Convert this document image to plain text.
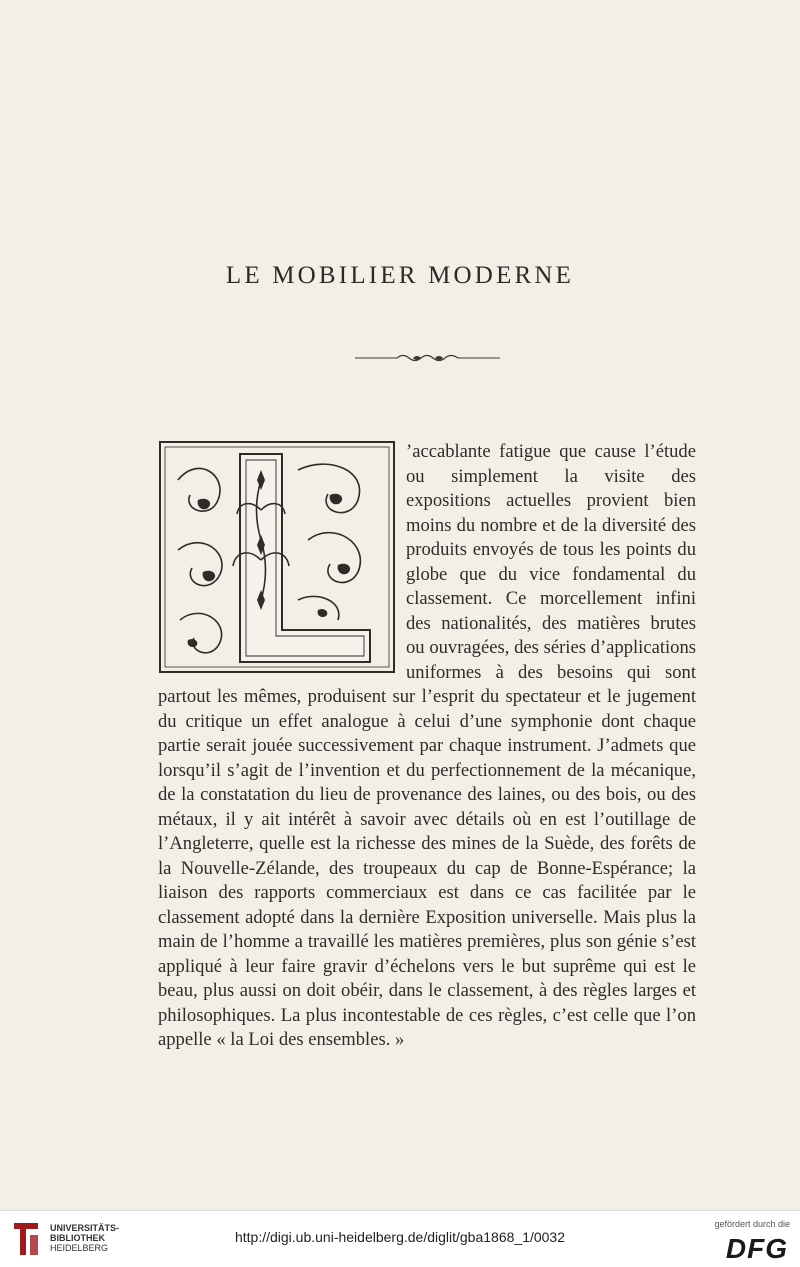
LE MOBILIER MODERNE
’accablante fatigue que cause l’étude ou simplement la visite des expositions actuelles provient bien moins du nombre et de la diversité des produits envoyés de tous les points du globe que du vice fondamental du classement. Ce morcellement infini des nationalités, des matières brutes ou ouvragées, des séries d’applications uniformes à des besoins qui sont partout les mêmes, produisent sur l’esprit du spectateur et le jugement du critique un effet analogue à celui d’une symphonie dont chaque partie serait jouée successivement par chaque instrument. J’admets que lorsqu’il s’agit de l’invention et du perfectionnement de la mécanique, de la constatation du lieu de provenance des laines, ou des bois, ou des métaux, il y ait intérêt à savoir avec détails où en est l’outillage de l’Angleterre, quelle est la richesse des mines de la Suède, des forêts de la Nouvelle-Zélande, des troupeaux du cap de Bonne-Espérance; la liaison des rapports commerciaux est dans ce cas facilitée par le classement adopté dans la dernière Exposition universelle. Mais plus la main de l’homme a travaillé les matières premières, plus son génie s’est appliqué à leur faire gravir d’échelons vers le but suprême qui est le beau, plus aussi on doit obéir, dans le classement, à des règles larges et philosophiques. La plus incontestable de ces règles, c’est celle que l’on appelle « la Loi des ensembles. »
UNIVERSITÄTS-
BIBLIOTHEK
HEIDELBERG
http://digi.ub.uni-heidelberg.de/diglit/gba1868_1/0032
gefördert durch die
DFG
